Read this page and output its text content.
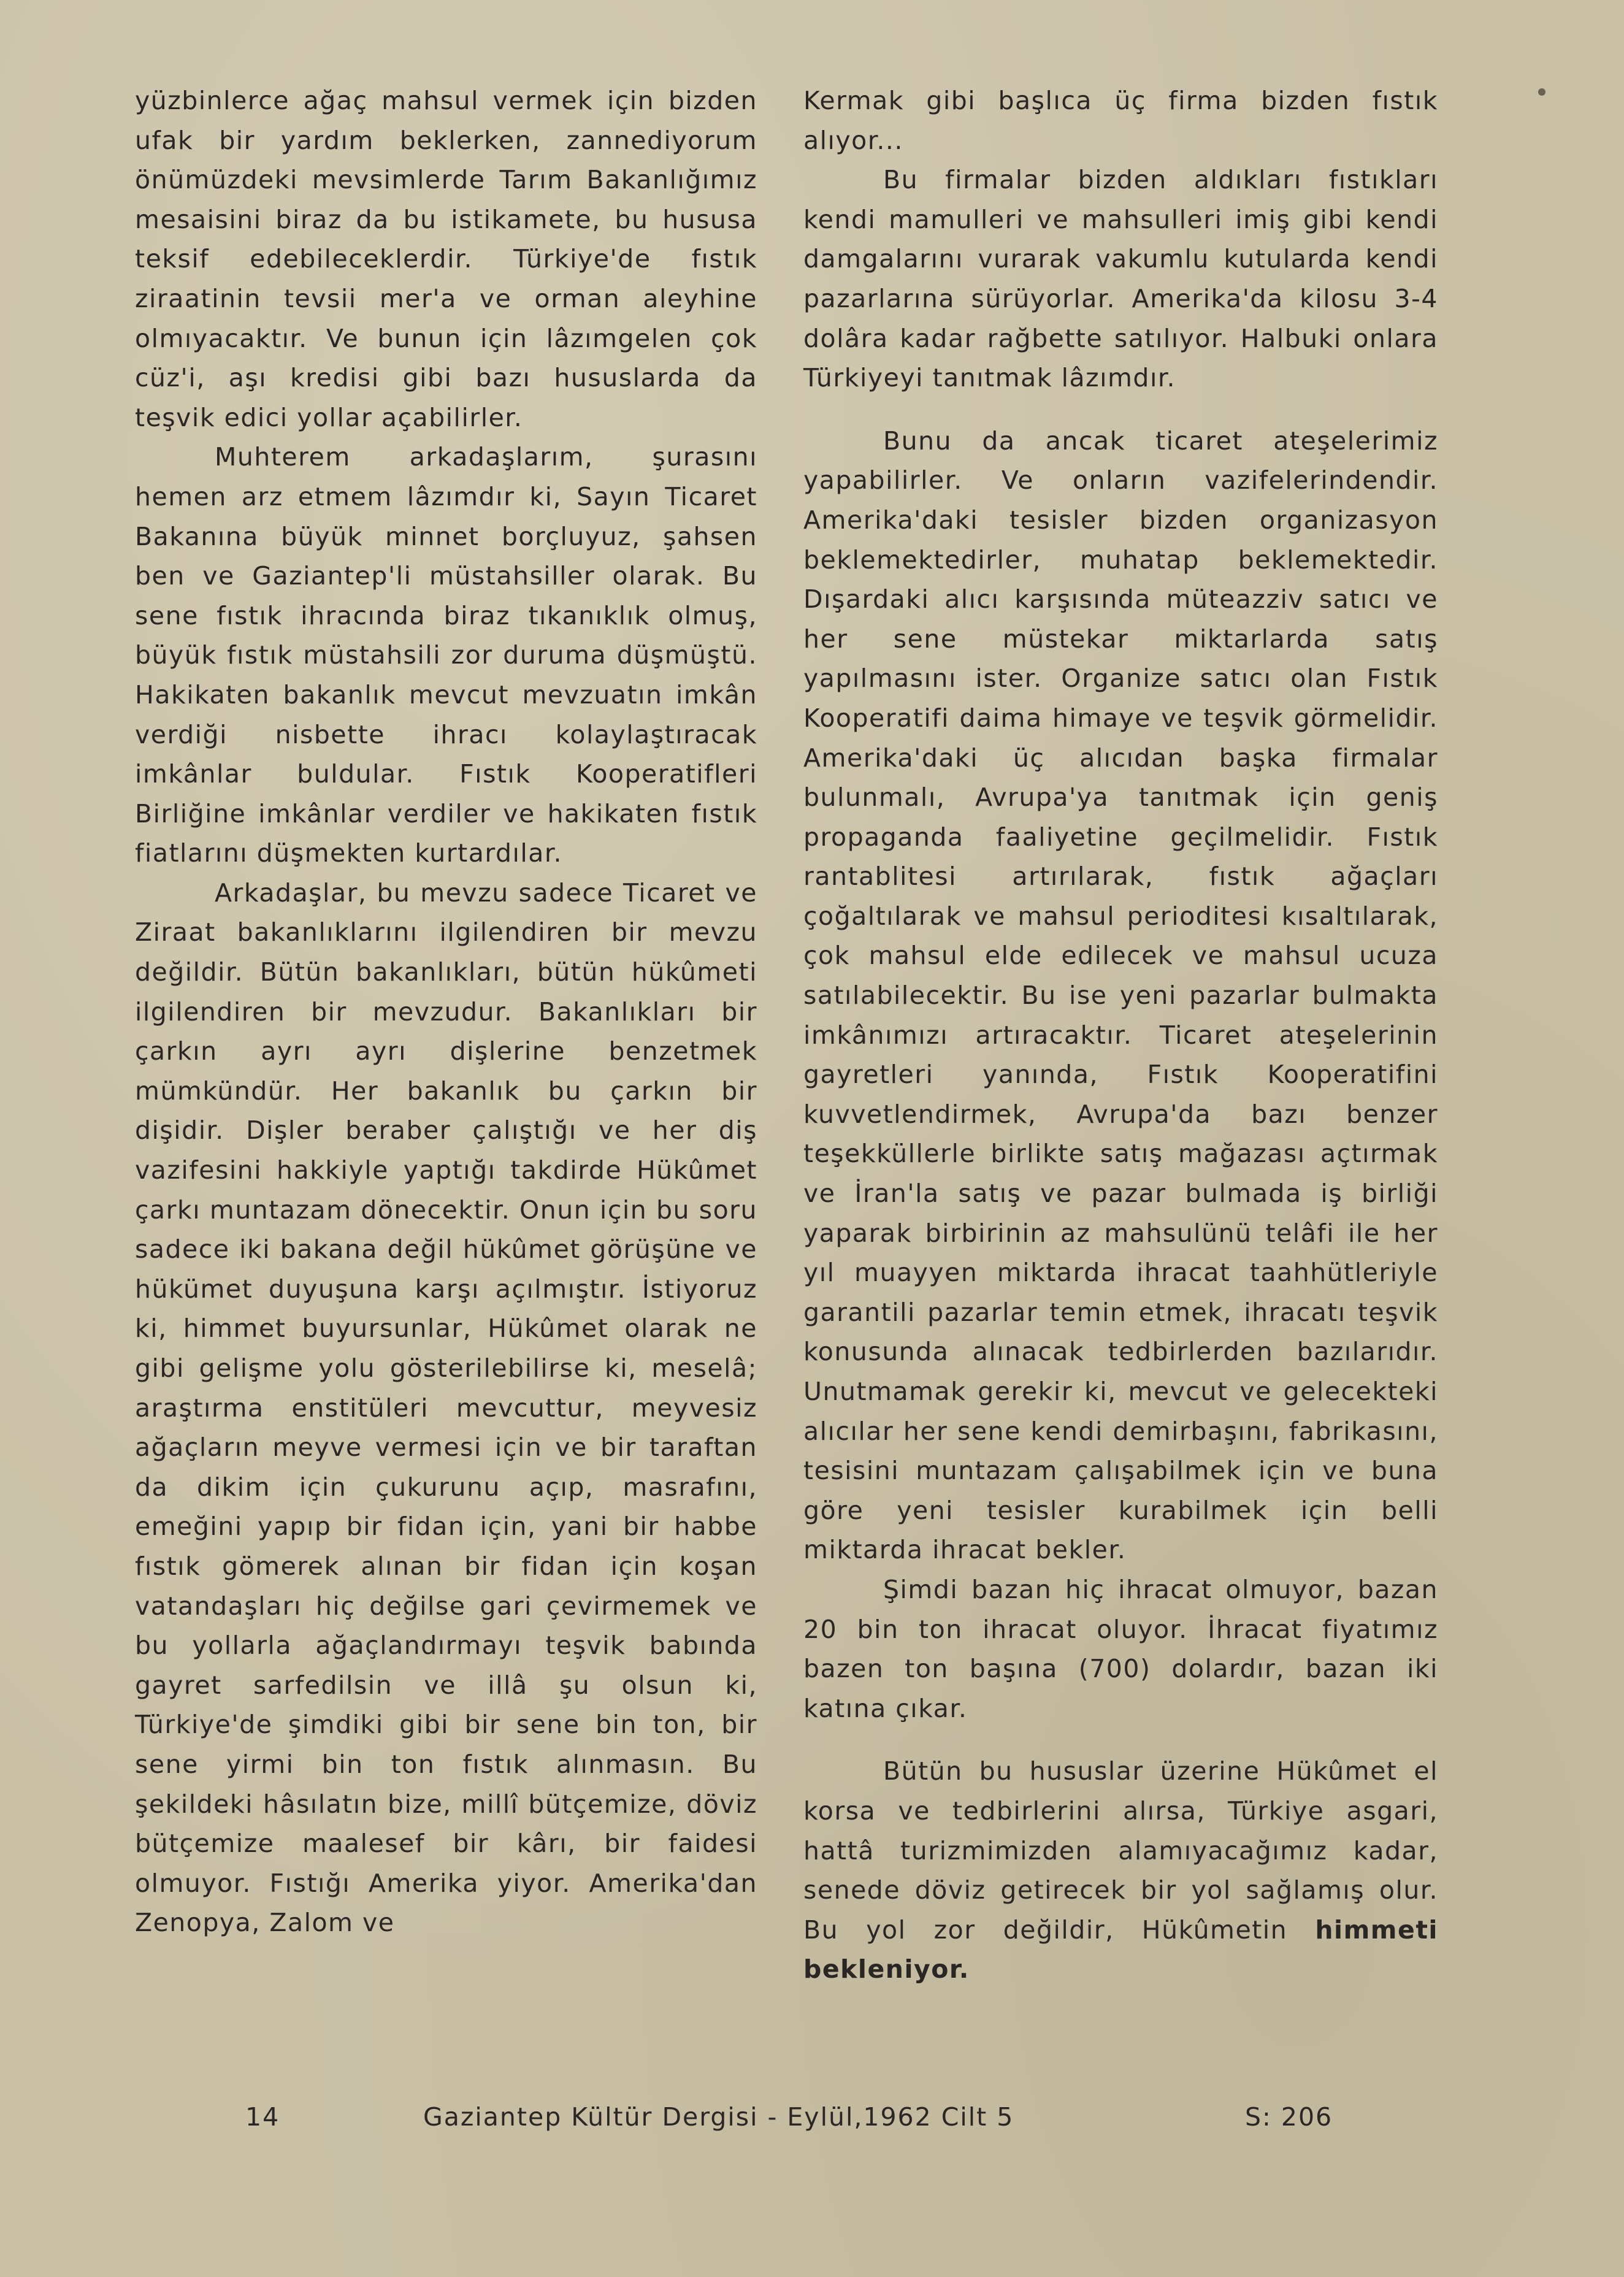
yüzbinlerce ağaç mahsul vermek için bizden ufak bir yardım beklerken, zannediyorum önümüzdeki mevsimlerde Tarım Bakanlığımız mesaisini biraz da bu istikamete, bu hususa teksif edebileceklerdir. Türkiye'de fıstık ziraatinin tevsii mer'a ve orman aleyhine olmıyacaktır. Ve bunun için lâzımgelen çok cüz'i, aşı kredisi gibi bazı hususlarda da teşvik edici yollar açabilirler.

Muhterem arkadaşlarım, şurasını hemen arz etmem lâzımdır ki, Sayın Ticaret Bakanına büyük minnet borçluyuz, şahsen ben ve Gaziantep'li müstahsiller olarak. Bu sene fıstık ihracında biraz tıkanıklık olmuş, büyük fıstık müstahsili zor duruma düşmüştü. Hakikaten bakanlık mevcut mevzuatın imkân verdiği nisbette ihracı kolaylaştıracak imkânlar buldular. Fıstık Kooperatifleri Birliğine imkânlar verdiler ve hakikaten fıstık fiatlarını düşmekten kurtardılar.

Arkadaşlar, bu mevzu sadece Ticaret ve Ziraat bakanlıklarını ilgilendiren bir mevzu değildir. Bütün bakanlıkları, bütün hükûmeti ilgilendiren bir mevzudur. Bakanlıkları bir çarkın ayrı ayrı dişlerine benzetmek mümkündür. Her bakanlık bu çarkın bir dişidir. Dişler beraber çalıştığı ve her diş vazifesini hakkiyle yaptığı takdirde Hükûmet çarkı muntazam dönecektir. Onun için bu soru sadece iki bakana değil hükûmet görüşüne ve hükümet duyuşuna karşı açılmıştır. İstiyoruz ki, himmet buyursunlar, Hükûmet olarak ne gibi gelişme yolu gösterilebilirse ki, meselâ; araştırma enstitüleri mevcuttur, meyvesiz ağaçların meyve vermesi için ve bir taraftan da dikim için çukurunu açıp, masrafını, emeğini yapıp bir fidan için, yani bir habbe fıstık gömerek alınan bir fidan için koşan vatandaşları hiç değilse gari çevirmemek ve bu yollarla ağaçlandırmayı teşvik babında gayret sarfedilsin ve illâ şu olsun ki, Türkiye'de şimdiki gibi bir sene bin ton, bir sene yirmi bin ton fıstık alınmasın. Bu şekildeki hâsılatın bize, millî bütçemize, döviz bütçemize maalesef bir kârı, bir faidesi olmuyor. Fıstığı Amerika yiyor. Amerika'dan Zenopya, Zalom ve

Kermak gibi başlıca üç firma bizden fıstık alıyor...

Bu firmalar bizden aldıkları fıstıkları kendi mamulleri ve mahsulleri imiş gibi kendi damgalarını vurarak vakumlu kutularda kendi pazarlarına sürüyorlar. Amerika'da kilosu 3-4 dolâra kadar rağbette satılıyor. Halbuki onlara Türkiyeyi tanıtmak lâzımdır.

Bunu da ancak ticaret ateşelerimiz yapabilirler. Ve onların vazifelerindendir. Amerika'daki tesisler bizden organizasyon beklemektedirler, muhatap beklemektedir. Dışardaki alıcı karşısında müteazziv satıcı ve her sene müstekar miktarlarda satış yapılmasını ister. Organize satıcı olan Fıstık Kooperatifi daima himaye ve teşvik görmelidir. Amerika'daki üç alıcıdan başka firmalar bulunmalı, Avrupa'ya tanıtmak için geniş propaganda faaliyetine geçilmelidir. Fıstık rantablitesi artırılarak, fıstık ağaçları çoğaltılarak ve mahsul perioditesi kısaltılarak, çok mahsul elde edilecek ve mahsul ucuza satılabilecektir. Bu ise yeni pazarlar bulmakta imkânımızı artıracaktır. Ticaret ateşelerinin gayretleri yanında, Fıstık Kooperatifini kuvvetlendirmek, Avrupa'da bazı benzer teşekküllerle birlikte satış mağazası açtırmak ve İran'la satış ve pazar bulmada iş birliği yaparak birbirinin az mahsulünü telâfi ile her yıl muayyen miktarda ihracat taahhütleriyle garantili pazarlar temin etmek, ihracatı teşvik konusunda alınacak tedbirlerden bazılarıdır. Unutmamak gerekir ki, mevcut ve gelecekteki alıcılar her sene kendi demirbaşını, fabrikasını, tesisini muntazam çalışabilmek için ve buna göre yeni tesisler kurabilmek için belli miktarda ihracat bekler.

Şimdi bazan hiç ihracat olmuyor, bazan 20 bin ton ihracat oluyor. İhracat fiyatımız bazen ton başına (700) dolardır, bazan iki katına çıkar.

Bütün bu hususlar üzerine Hükûmet el korsa ve tedbirlerini alırsa, Türkiye asgari, hattâ turizmimizden alamıyacağımız kadar, senede döviz getirecek bir yol sağlamış olur. Bu yol zor değildir, Hükûmetin himmeti bekleniyor.

14	Gaziantep Kültür Dergisi - Eylül,1962 Cilt 5	S: 206
